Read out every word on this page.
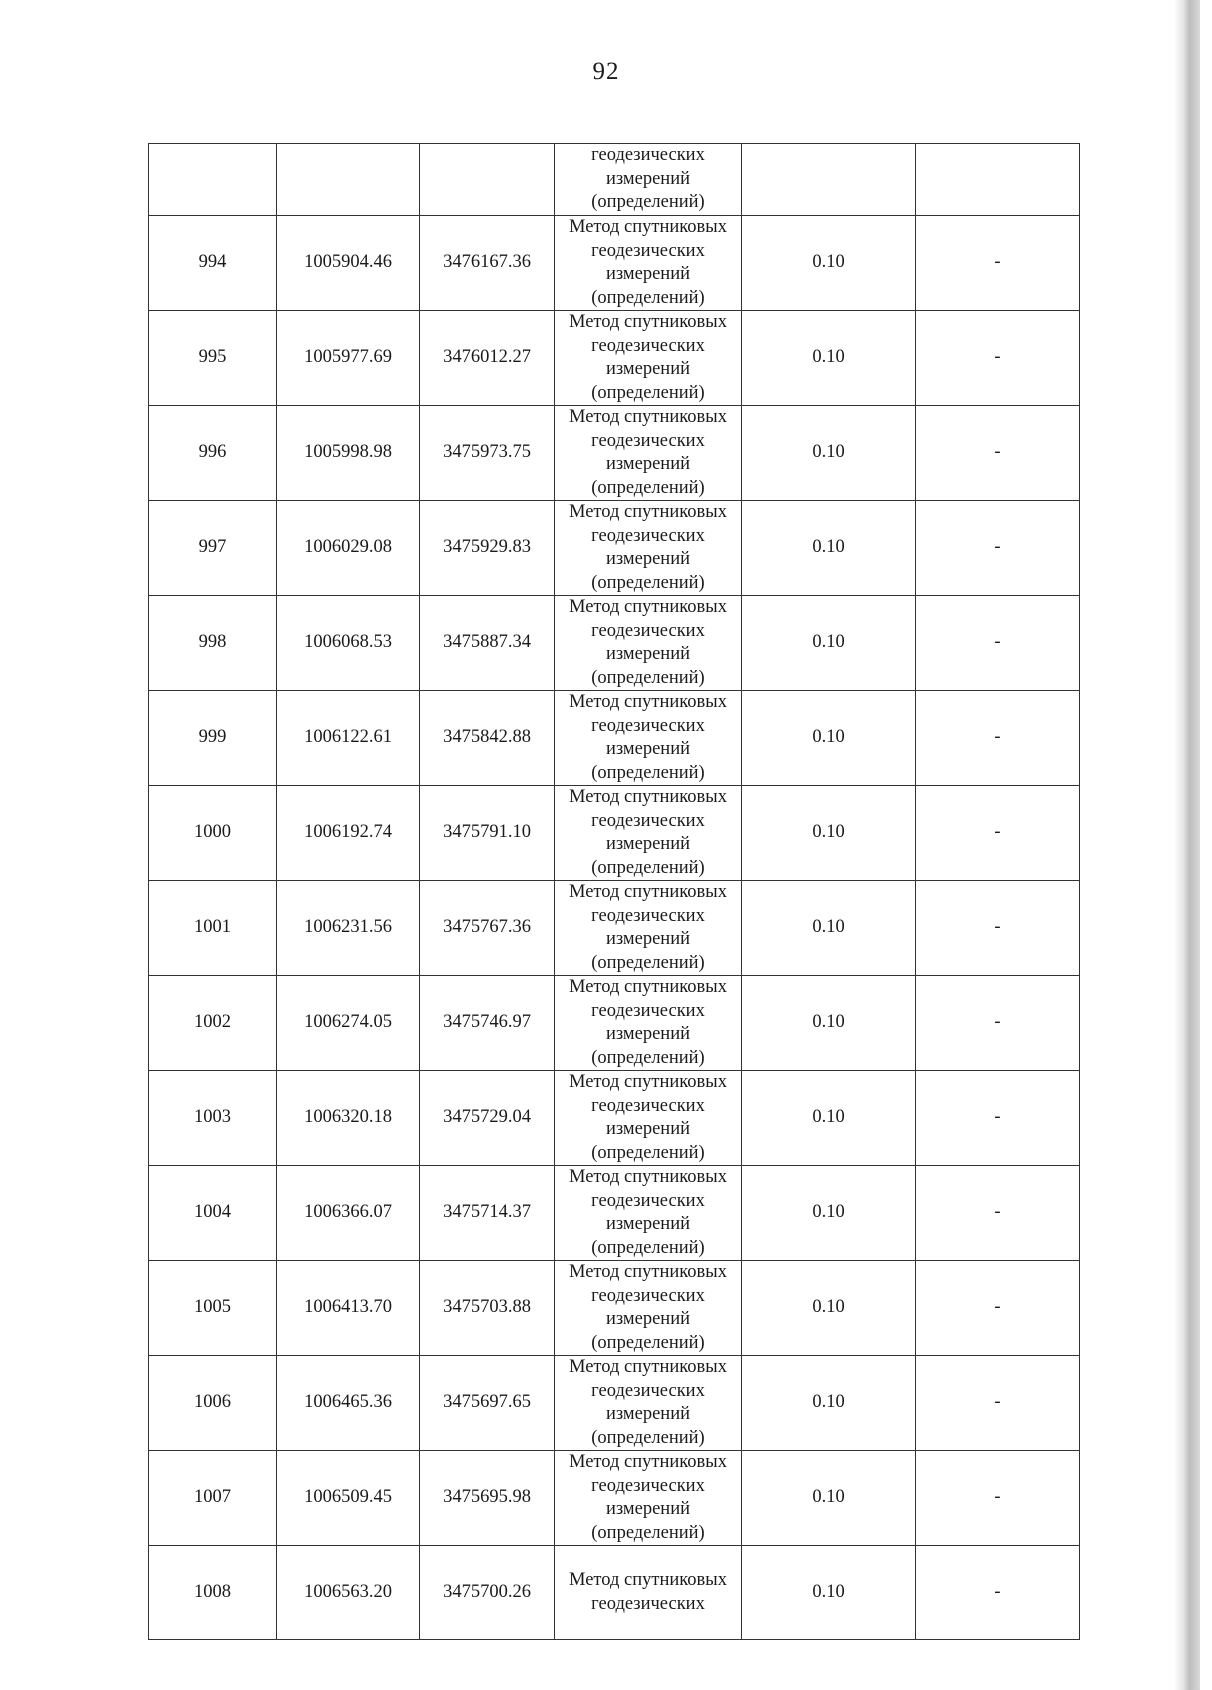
92

			геодезических
измерений
(определений)		

994	1005904.46	3476167.36	Метод спутниковых
геодезических
измерений
(определений)	0.10	-
995	1005977.69	3476012.27	Метод спутниковых
геодезических
измерений
(определений)	0.10	-
996	1005998.98	3475973.75	Метод спутниковых
геодезических
измерений
(определений)	0.10	-
997	1006029.08	3475929.83	Метод спутниковых
геодезических
измерений
(определений)	0.10	-
998	1006068.53	3475887.34	Метод спутниковых
геодезических
измерений
(определений)	0.10	-
999	1006122.61	3475842.88	Метод спутниковых
геодезических
измерений
(определений)	0.10	-
1000	1006192.74	3475791.10	Метод спутниковых
геодезических
измерений
(определений)	0.10	-
1001	1006231.56	3475767.36	Метод спутниковых
геодезических
измерений
(определений)	0.10	-
1002	1006274.05	3475746.97	Метод спутниковых
геодезических
измерений
(определений)	0.10	-
1003	1006320.18	3475729.04	Метод спутниковых
геодезических
измерений
(определений)	0.10	-
1004	1006366.07	3475714.37	Метод спутниковых
геодезических
измерений
(определений)	0.10	-
1005	1006413.70	3475703.88	Метод спутниковых
геодезических
измерений
(определений)	0.10	-
1006	1006465.36	3475697.65	Метод спутниковых
геодезических
измерений
(определений)	0.10	-
1007	1006509.45	3475695.98	Метод спутниковых
геодезических
измерений
(определений)	0.10	-
1008	1006563.20	3475700.26	Метод спутниковых
геодезических	0.10	-
